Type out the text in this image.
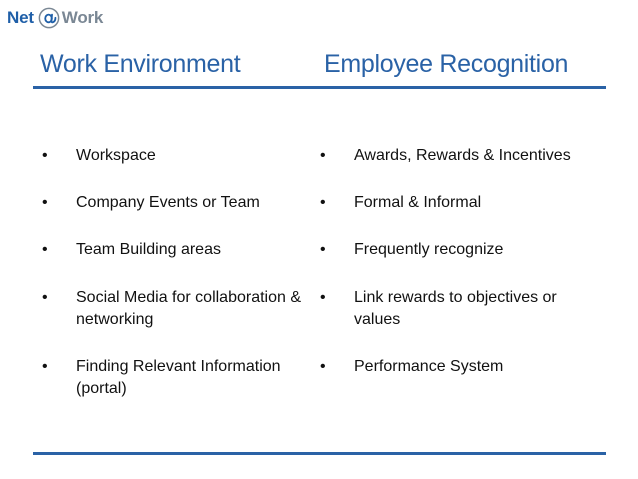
Net Work
Work Environment	Employee Recognition
•	Workspace
•	Company Events or Team
•	Team Building areas
•	Social Media for collaboration & networking
•	Finding Relevant Information (portal)
•	Awards, Rewards & Incentives
•	Formal & Informal
•	Frequently recognize
•	Link rewards to objectives or values
•	Performance System
